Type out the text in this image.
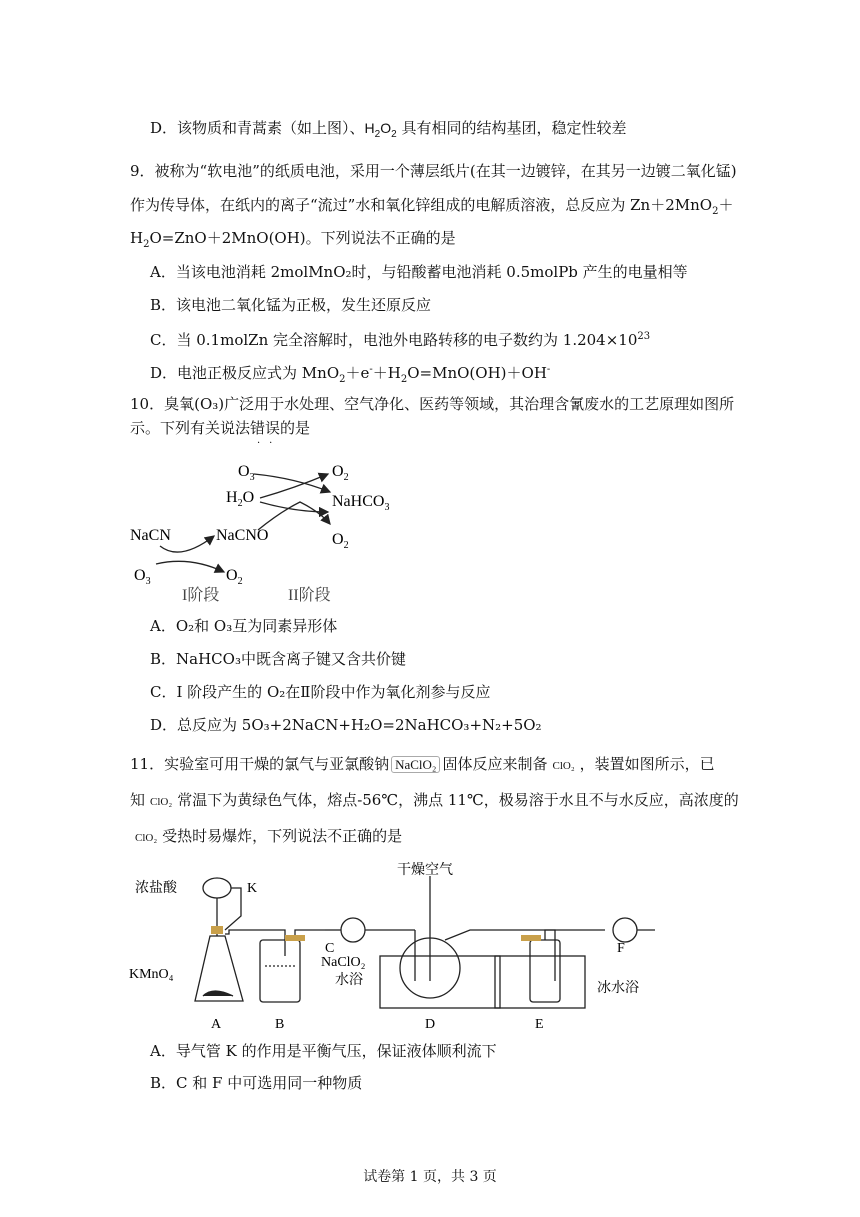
D．该物质和青蒿素（如上图）、$H_2O_2$ 具有相同的结构基团，稳定性较差
9．被称为“软电池”的纸质电池，采用一个薄层纸片(在其一边镀锌，在其另一边镀二氧化锰)
作为传导体，在纸内的离子“流过”水和氧化锌组成的电解质溶液，总反应为 Zn＋2MnO$_2$＋
$H_2O=ZnO+2MnO(OH)$。下列说法不正确的是
A．当该电池消耗 2molMnO₂时，与铅酸蓄电池消耗 0.5molPb 产生的电量相等
B．该电池二氧化锰为正极，发生还原反应
C．当 0.1molZn 完全溶解时，电池外电路转移的电子数约为 $1.204\times 10^{23}$
D．电池正极反应式为 $MnO_2+e^-+H_2O=MnO(OH)+OH^-$
10．臭氧(O₃)广泛用于水处理、空气净化、医药等领域，其治理含氰废水的工艺原理如图所
示。下列有关说法错误的是
··
$O_3$
$H_2O$
$O_2$
NaHCO$_3$
$O_2$
NaCN	NaCNO
$O_3$	$O_2$
I阶段	II阶段
A．O₂和 O₃互为同素异形体
B．NaHCO₃中既含离子键又含共价键
C．Ⅰ 阶段产生的 O₂在Ⅱ阶段中作为氧化剂参与反应
D．总反应为 5O₃+2NaCN+H₂O=2NaHCO₃+N₂+5O₂
11．实验室可用干燥的氯气与亚氯酸钠 NaClO₂ 固体反应来制备 ClO₂ ，装置如图所示，已
知 ClO₂ 常温下为黄绿色气体，熔点-56℃，沸点 11℃，极易溶于水且不与水反应，高浓度的
ClO₂ 受热时易爆炸，下列说法不正确的是
浓盐酸	K
KMnO₄
干燥空气
NaClO₂
水浴
冰水浴
A	B
C
D	E
F
A．导气管 K 的作用是平衡气压，保证液体顺利流下
B．C 和 F 中可选用同一种物质
试卷第 1 页，共 3 页
